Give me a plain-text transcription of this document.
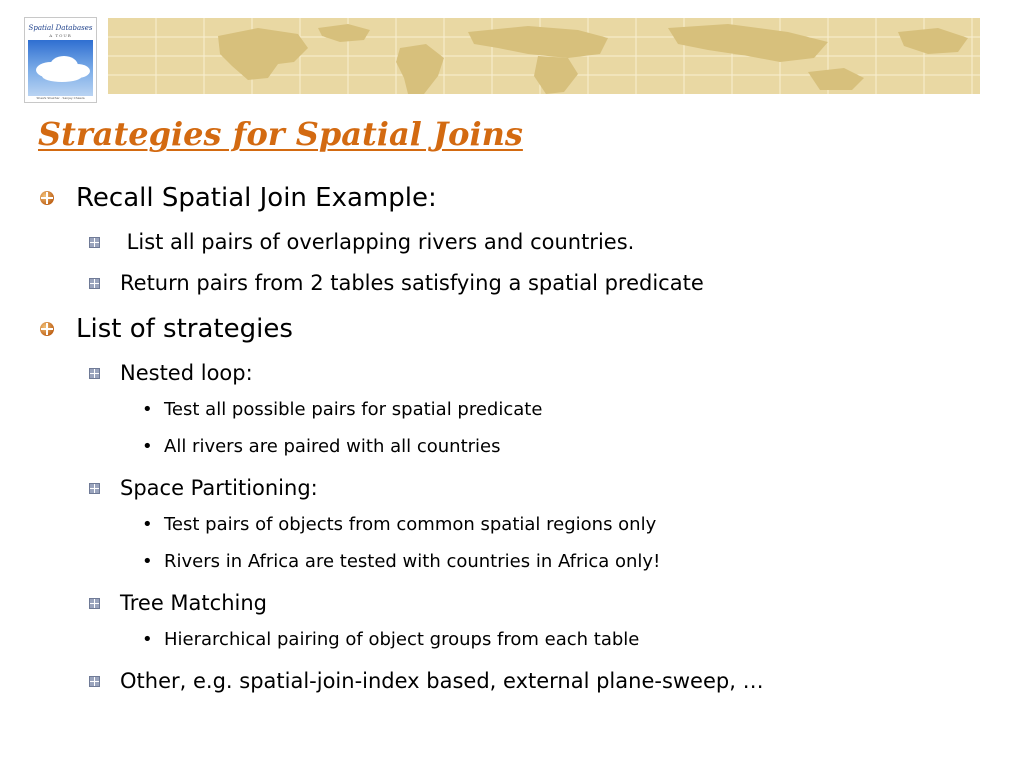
Spatial Databases
A TOUR
Shashi Shekhar · Sanjay Chawla
Strategies for Spatial Joins
Recall Spatial Join Example:
List all pairs of overlapping rivers and countries.
Return pairs from 2 tables satisfying a spatial predicate
List of strategies
Nested loop:
• Test all possible pairs for spatial predicate
• All rivers are paired with all countries
Space Partitioning:
• Test pairs of objects from common spatial regions only
• Rivers in Africa are tested with countries in Africa only!
Tree Matching
• Hierarchical pairing of object groups from each table
Other, e.g. spatial-join-index based, external plane-sweep, …
